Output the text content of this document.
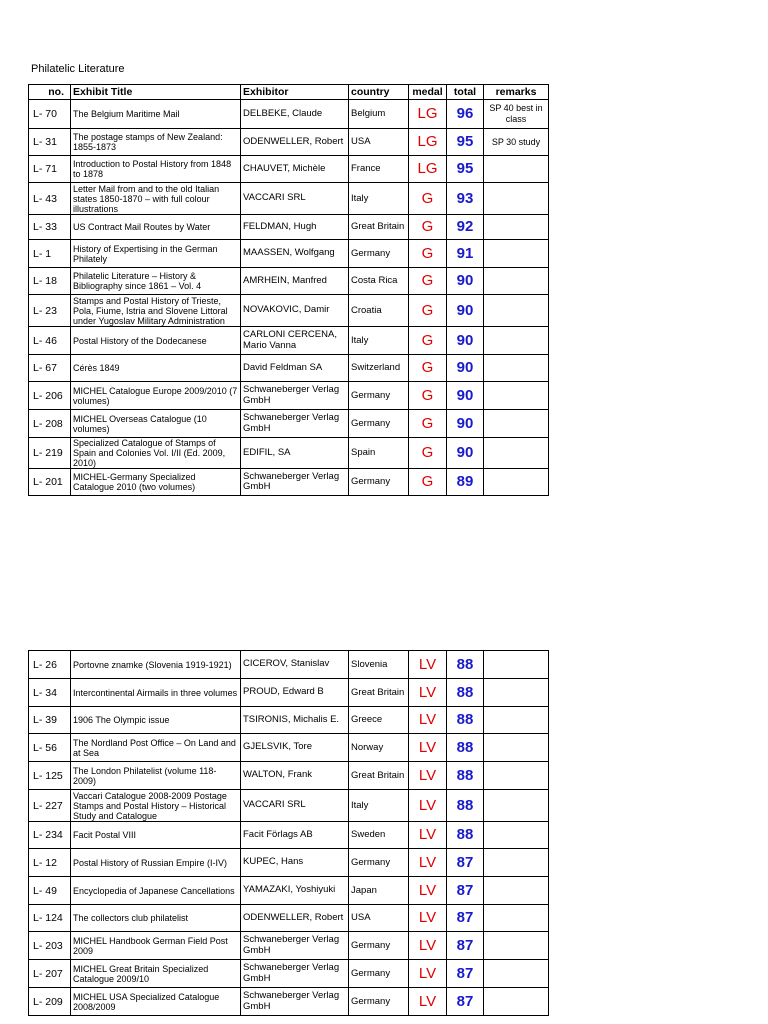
Philatelic Literature
no.	Exhibit Title	Exhibitor	country	medal	total	remarks
L- 70	The Belgium Maritime Mail	DELBEKE, Claude	Belgium	LG	96	SP 40 best in class
L- 31	The postage stamps of New Zealand: 1855-1873	ODENWELLER, Robert	USA	LG	95	SP 30 study
L- 71	Introduction to Postal History from 1848 to 1878	CHAUVET, Michèle	France	LG	95	
L- 43	Letter Mail from and to the old Italian states 1850-1870 – with full colour illustrations	VACCARI SRL	Italy	G	93	
L- 33	US Contract Mail Routes by Water	FELDMAN, Hugh	Great Britain	G	92	
L- 1	History of Expertising in the German Philately	MAASSEN, Wolfgang	Germany	G	91	
L- 18	Philatelic Literature – History & Bibliography since 1861 – Vol. 4	AMRHEIN, Manfred	Costa Rica	G	90	
L- 23	Stamps and Postal History of Trieste, Pola, Fiume, Istria and Slovene Littoral under Yugoslav Military Administration	NOVAKOVIC, Damir	Croatia	G	90	
L- 46	Postal History of the Dodecanese	CARLONI CERCENA, Mario Vanna	Italy	G	90	
L- 67	Cérès 1849	David Feldman SA	Switzerland	G	90	
L- 206	MICHEL Catalogue Europe 2009/2010 (7 volumes)	Schwaneberger Verlag GmbH	Germany	G	90	
L- 208	MICHEL Overseas Catalogue (10 volumes)	Schwaneberger Verlag GmbH	Germany	G	90	
L- 219	Specialized Catalogue of Stamps of Spain and Colonies Vol. I/II (Ed. 2009, 2010)	EDIFIL, SA	Spain	G	90	
L- 201	MICHEL-Germany Specialized Catalogue 2010 (two volumes)	Schwaneberger Verlag GmbH	Germany	G	89	
L- 26	Portovne znamke (Slovenia 1919-1921)	CICEROV, Stanislav	Slovenia	LV	88	
L- 34	Intercontinental Airmails in three volumes	PROUD, Edward B	Great Britain	LV	88	
L- 39	1906 The Olympic issue	TSIRONIS, Michalis E.	Greece	LV	88	
L- 56	The Nordland Post Office – On Land and at Sea	GJELSVIK, Tore	Norway	LV	88	
L- 125	The London Philatelist (volume 118-2009)	WALTON, Frank	Great Britain	LV	88	
L- 227	Vaccari Catalogue 2008-2009 Postage Stamps and Postal History – Historical Study and Catalogue	VACCARI SRL	Italy	LV	88	
L- 234	Facit Postal VIII	Facit Förlags AB	Sweden	LV	88	
L- 12	Postal History of Russian Empire (I-IV)	KUPEC, Hans	Germany	LV	87	
L- 49	Encyclopedia of Japanese Cancellations	YAMAZAKI, Yoshiyuki	Japan	LV	87	
L- 124	The collectors club philatelist	ODENWELLER, Robert	USA	LV	87	
L- 203	MICHEL Handbook German Field Post 2009	Schwaneberger Verlag GmbH	Germany	LV	87	
L- 207	MICHEL Great Britain Specialized Catalogue 2009/10	Schwaneberger Verlag GmbH	Germany	LV	87	
L- 209	MICHEL USA Specialized Catalogue 2008/2009	Schwaneberger Verlag GmbH	Germany	LV	87	
